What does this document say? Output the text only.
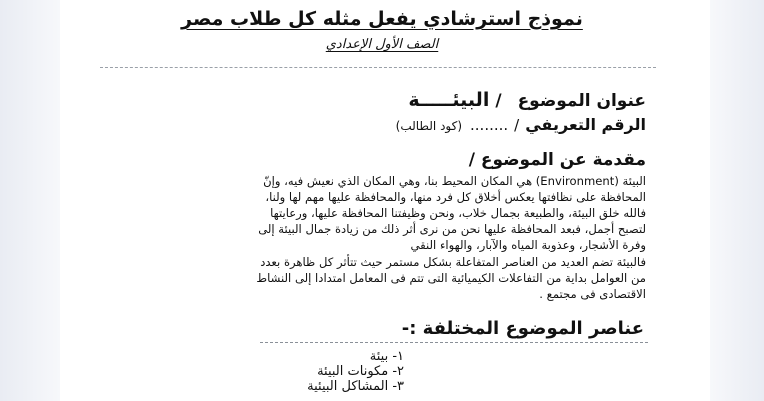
نموذج استرشادي يفعل مثله كل طلاب مصر
الصف الأول الإعدادي
عنوان الموضوع/البيئـــــة
الرقم التعريفي/........(كود الطالب)
مقدمة عن الموضوع /
البيئة (Environment) هي المكان المحيط بنا، وهي المكان الذي نعيش فيه، وإنّ
المحافظة على نظافتها يعكس أخلاق كل فرد منها، والمحافظة عليها مهم لها ولنا،
فالله خلق البيئة، والطبيعة بجمال خلاب، ونحن وظيفتنا المحافظة عليها، ورعايتها
لتصبح أجمل، فبعد المحافظة عليها نحن من نرى أثر ذلك من زيادة جمال البيئة إلى
وفرة الأشجار، وعذوبة المياه والآبار، والهواء النقي
فالبيئة تضم العديد من العناصر المتفاعلة بشكل مستمر حيث تتأثر كل ظاهرة بعدد
من العوامل بداية من التفاعلات الكيميائية التى تتم فى المعامل امتدادا إلى النشاط
الاقتصادى فى مجتمع .
عناصر الموضوع المختلفة :-
١- بيئة
٢- مكونات البيئة
٣- المشاكل البيئية
